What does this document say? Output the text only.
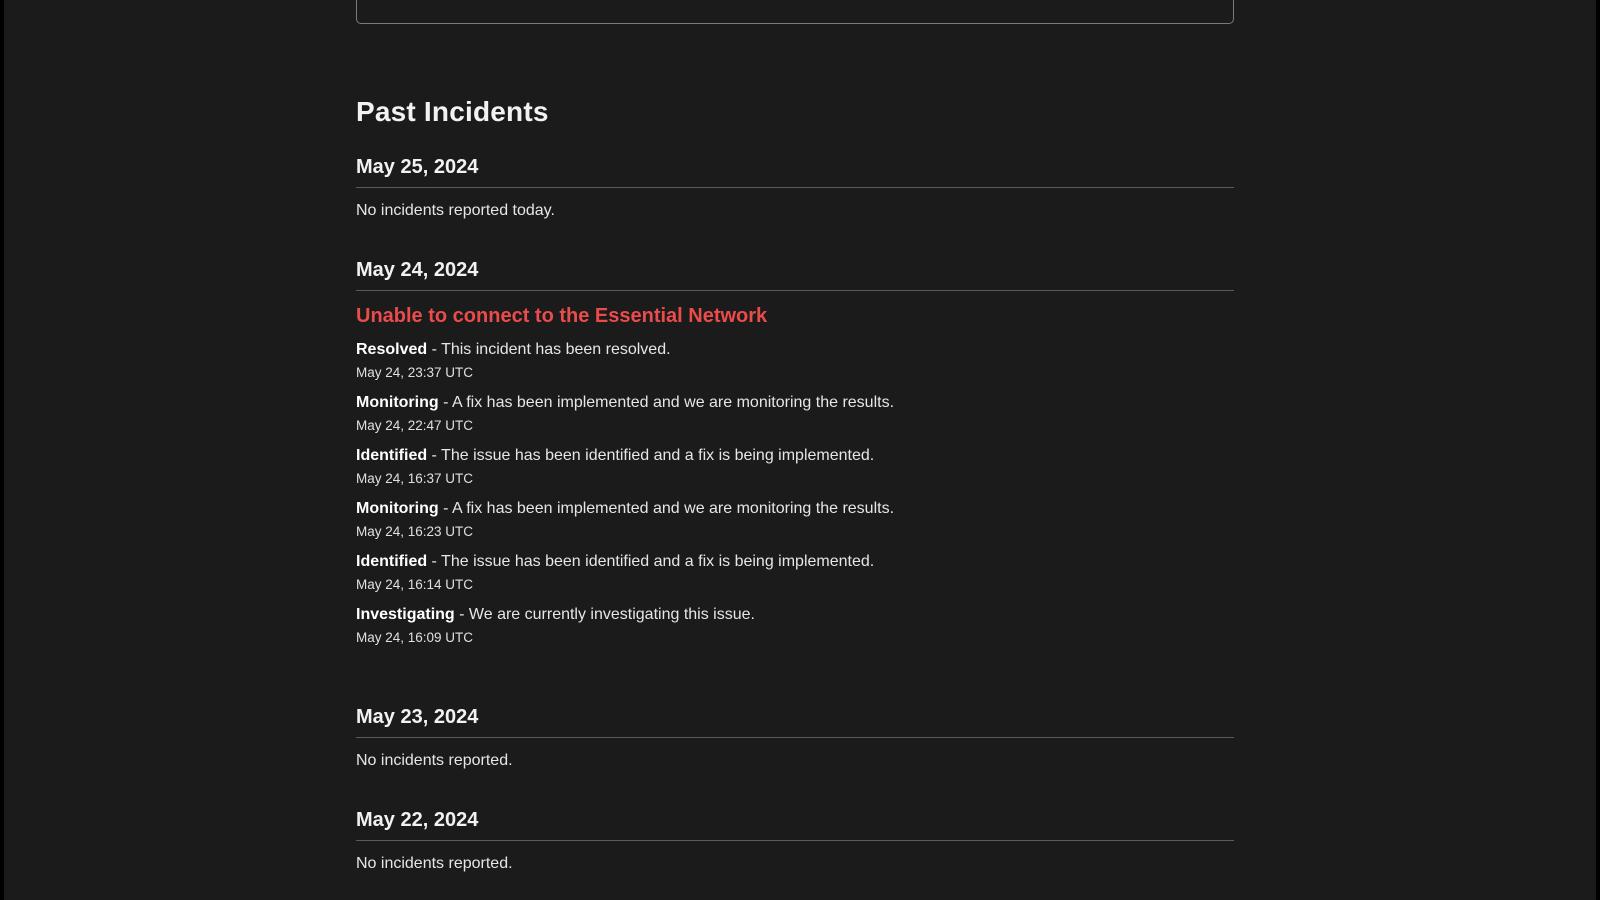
Past Incidents
May 25, 2024

No incidents reported today.

May 24, 2024

Unable to connect to the Essential Network

Resolved - This incident has been resolved.
May 24, 23:37 UTC
Monitoring - A fix has been implemented and we are monitoring the results.
May 24, 22:47 UTC
Identified - The issue has been identified and a fix is being implemented.
May 24, 16:37 UTC
Monitoring - A fix has been implemented and we are monitoring the results.
May 24, 16:23 UTC
Identified - The issue has been identified and a fix is being implemented.
May 24, 16:14 UTC
Investigating - We are currently investigating this issue.
May 24, 16:09 UTC
May 23, 2024

No incidents reported.

May 22, 2024

No incidents reported.
